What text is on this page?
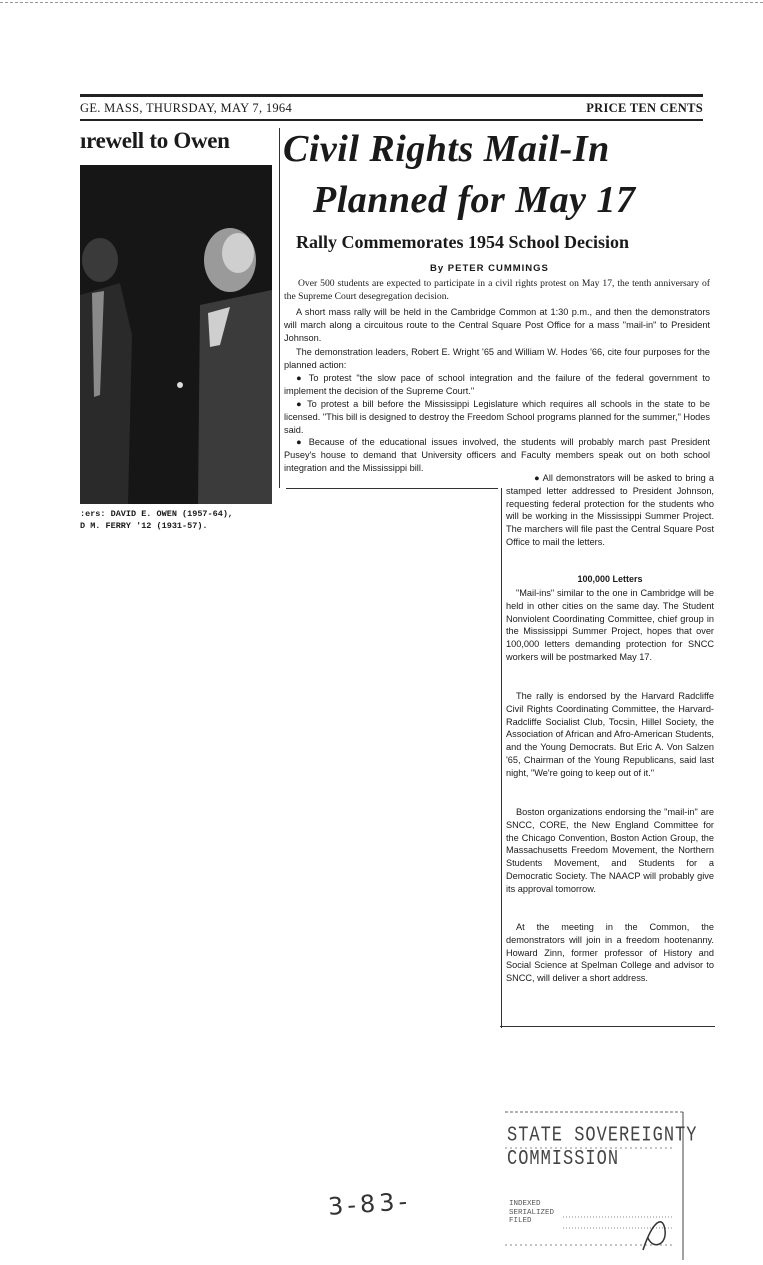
GE. MASS, THURSDAY, MAY 7, 1964	PRICE TEN CENTS
ırewell to Owen
:ers: DAVID E. OWEN (1957-64),
D M. FERRY '12 (1931-57).
Civil Rights Mail-In
Planned for May 17
Rally Commemorates 1954 School Decision
By PETER CUMMINGS

Over 500 students are expected to participate in a civil rights protest on May 17, the tenth anniversary of the Supreme Court desegregation decision.

A short mass rally will be held in the Cambridge Common at 1:30 p.m., and then the demonstrators will march along a circuitous route to the Central Square Post Office for a mass "mail-in" to President Johnson.

The demonstration leaders, Robert E. Wright '65 and William W. Hodes '66, cite four purposes for the planned action:

● To protest "the slow pace of school integration and the failure of the federal government to implement the decision of the Supreme Court."

● To protest a bill before the Mississippi Legislature which requires all schools in the state to be licensed. "This bill is designed to destroy the Freedom School programs planned for the summer," Hodes said.

● Because of the educational issues involved, the students will probably march past President Pusey's house to demand that University officers and Faculty members speak out on both school integration and the Mississippi bill.

● All demonstrators will be asked to bring a stamped letter addressed to President Johnson, requesting federal protection for the students who will be working in the Mississippi Summer Project. The marchers will file past the Central Square Post Office to mail the letters.

100,000 Letters

"Mail-ins" similar to the one in Cambridge will be held in other cities on the same day. The Student Nonviolent Coordinating Committee, chief group in the Mississippi Summer Project, hopes that over 100,000 letters demanding protection for SNCC workers will be postmarked May 17.

The rally is endorsed by the Harvard Radcliffe Civil Rights Coordinating Committee, the Harvard-Radcliffe Socialist Club, Tocsin, Hillel Society, the Association of African and Afro-American Students, and the Young Democrats. But Eric A. Von Salzen '65, Chairman of the Young Republicans, said last night, "We're going to keep out of it."

Boston organizations endorsing the "mail-in" are SNCC, CORE, the New England Committee for the Chicago Convention, Boston Action Group, the Massachusetts Freedom Movement, the Northern Students Movement, and Students for a Democratic Society. The NAACP will probably give its approval tomorrow.

At the meeting in the Common, the demonstrators will join in a freedom hootenanny. Howard Zinn, former professor of History and Social Science at Spelman College and advisor to SNCC, will deliver a short address.

3-83-
STATE SOVEREIGNTY COMMISSION
INDEXED
SERIALIZED
FILED
